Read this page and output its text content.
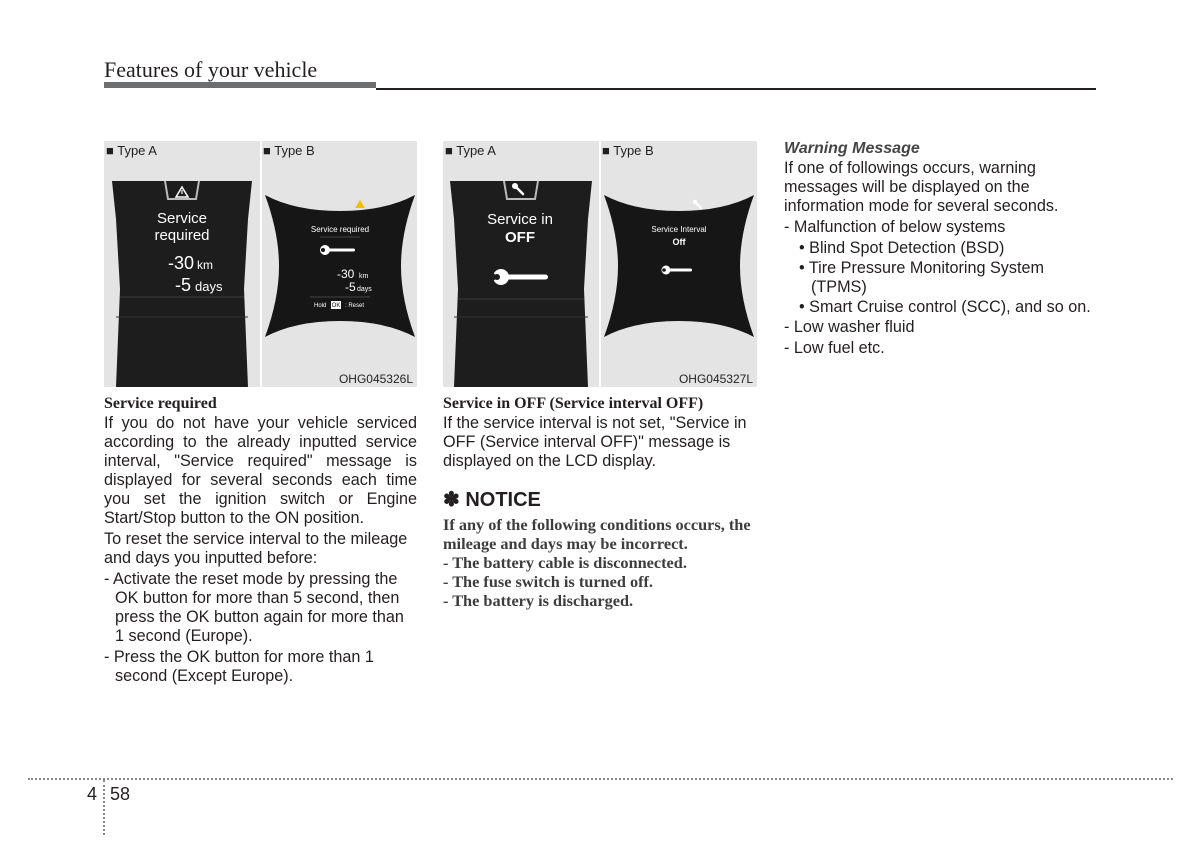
Features of your vehicle
■ Type A	■ Type B
Service
required
-30 km
-5 days
Service required
-30 km
-5 days
Hold OK : Reset
OHG045326L
■ Type A	■ Type B
Service in
OFF	Service Interval
Off
OHG045327L
Service required

If you do not have your vehicle serviced according to the already inputted service interval, "Service required" message is displayed for several seconds each time you set the ignition switch or Engine Start/Stop button to the ON position.

To reset the service interval to the mileage and days you inputted before:

- Activate the reset mode by pressing the OK button for more than 5 second, then press the OK button again for more than 1 second (Europe).
- Press the OK button for more than 1 second (Except Europe).
Service in OFF (Service interval OFF)

If the service interval is not set, "Service in OFF (Service interval OFF)" message is displayed on the LCD display.

✽ NOTICE
If any of the following conditions occurs, the mileage and days may be incorrect.
- The battery cable is disconnected.
- The fuse switch is turned off.
- The battery is discharged.
Warning Message

If one of followings occurs, warning messages will be displayed on the information mode for several seconds.

- Malfunction of below systems
• Blind Spot Detection (BSD)
• Tire Pressure Monitoring System (TPMS)
• Smart Cruise control (SCC), and so on.
- Low washer fluid
- Low fuel etc.
4 58
